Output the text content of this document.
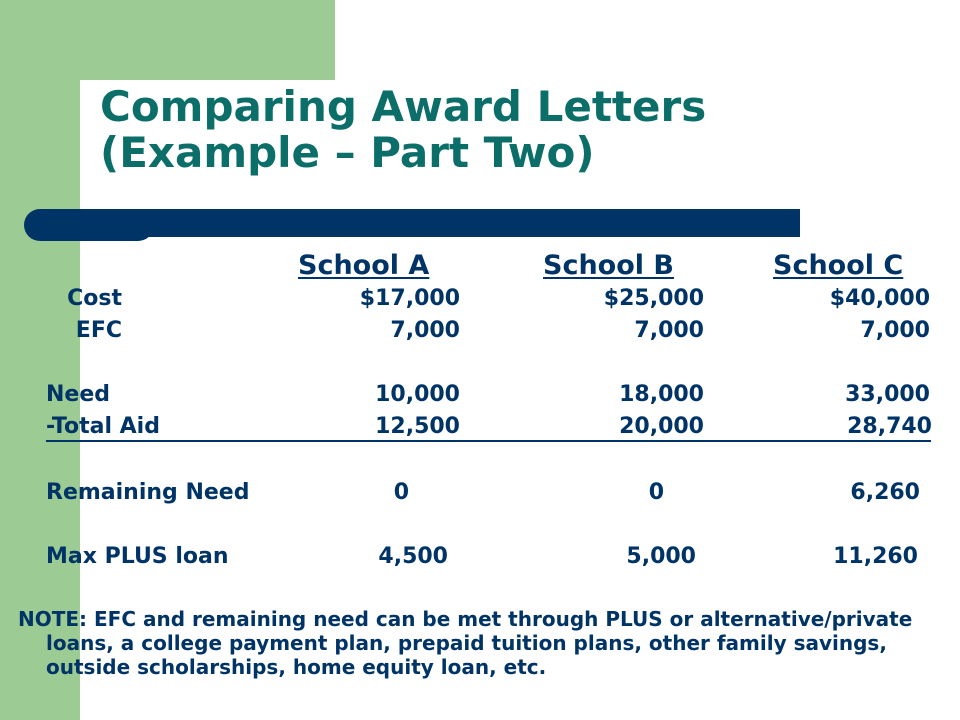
Comparing Award Letters
(Example – Part Two)
School A	School B	School C
Cost	$17,000	$25,000	$40,000
EFC	7,000	7,000	7,000
Need	10,000	18,000	33,000
-Total Aid	12,500	20,000	28,740
Remaining Need	0	0	6,260
Max PLUS loan	4,500	5,000	11,260

NOTE: EFC and remaining need can be met through PLUS or alternative/private loans, a college payment plan, prepaid tuition plans, other family savings, outside scholarships, home equity loan, etc.
